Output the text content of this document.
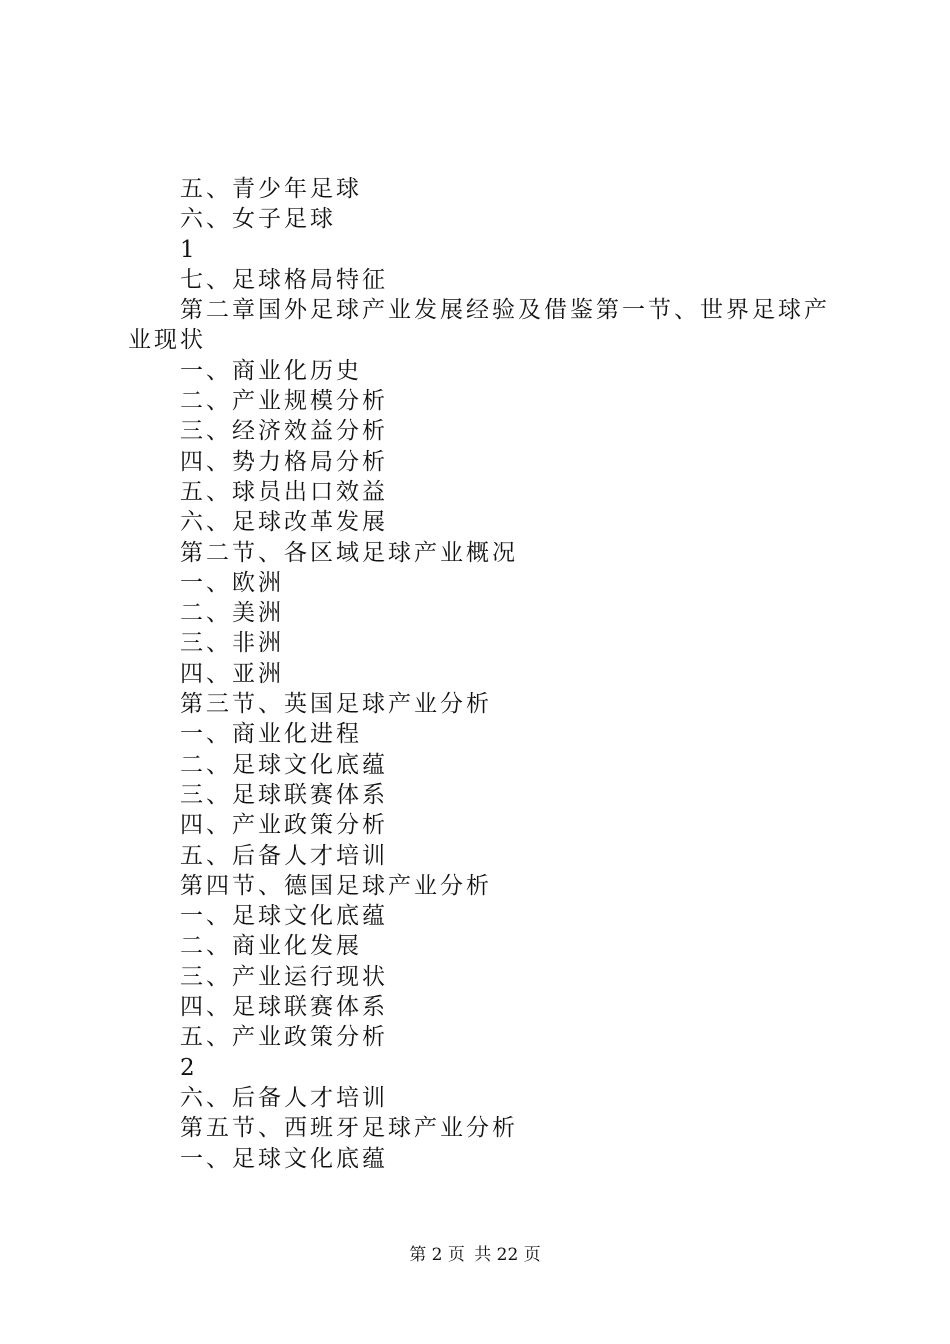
五、青少年足球
六、女子足球
1
七、足球格局特征
第二章国外足球产业发展经验及借鉴第一节、世界足球产业现状
一、商业化历史
二、产业规模分析
三、经济效益分析
四、势力格局分析
五、球员出口效益
六、足球改革发展
第二节、各区域足球产业概况
一、欧洲
二、美洲
三、非洲
四、亚洲
第三节、英国足球产业分析
一、商业化进程
二、足球文化底蕴
三、足球联赛体系
四、产业政策分析
五、后备人才培训
第四节、德国足球产业分析
一、足球文化底蕴
二、商业化发展
三、产业运行现状
四、足球联赛体系
五、产业政策分析
2
六、后备人才培训
第五节、西班牙足球产业分析
一、足球文化底蕴
第 2 页 共 22 页
